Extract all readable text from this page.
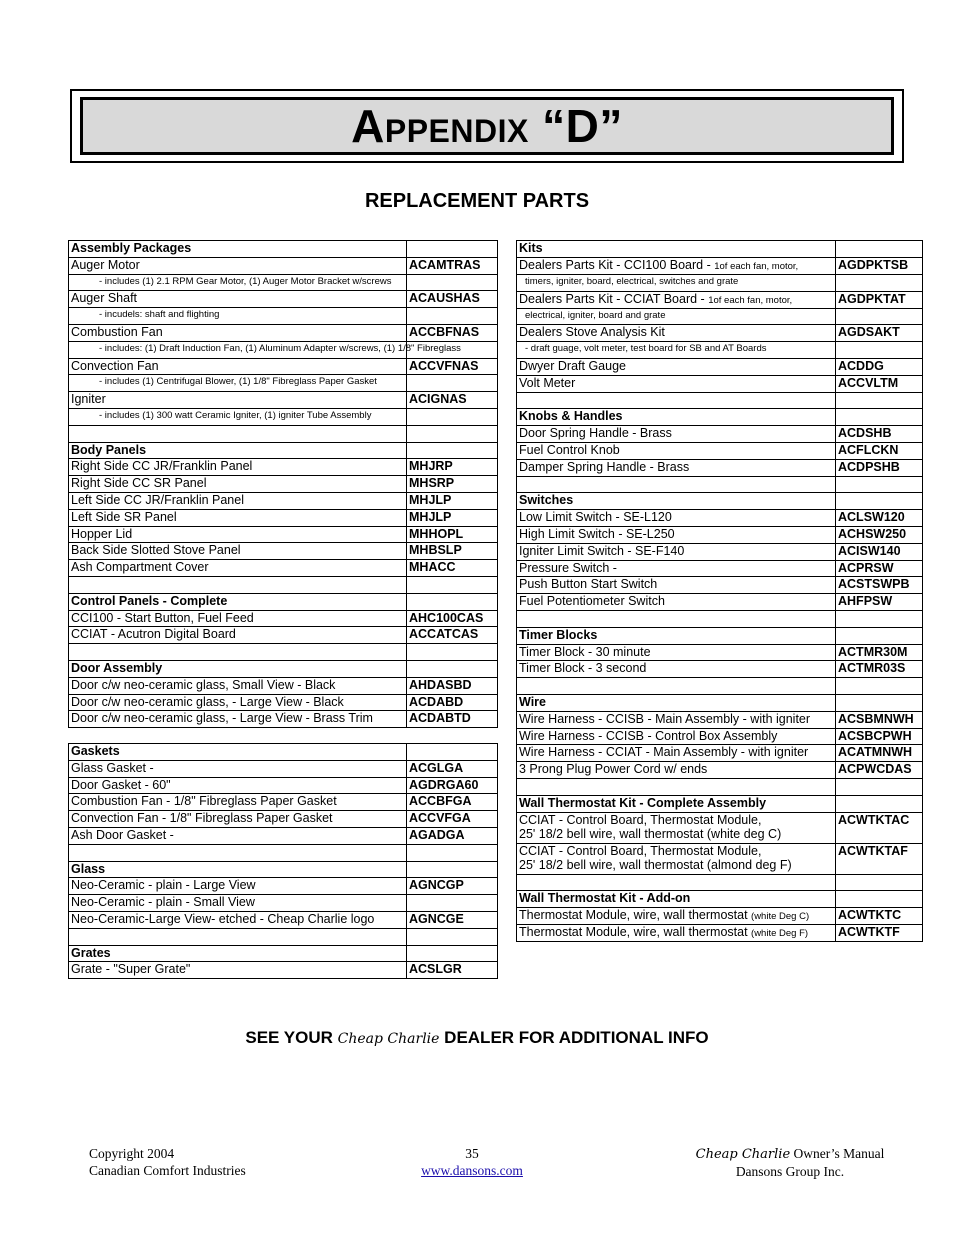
Appendix “D”
REPLACEMENT PARTS
Assembly Packages	
Auger Motor	ACAMTRAS
- includes (1) 2.1 RPM Gear Motor, (1) Auger Motor Bracket w/screws	
Auger Shaft	ACAUSHAS
- incudels: shaft and flighting	
Combustion Fan	ACCBFNAS
- includes: (1) Draft Induction Fan, (1) Aluminum Adapter w/screws, (1) 1/8" Fibreglass	
Convection Fan	ACCVFNAS
- includes (1) Centrifugal Blower, (1) 1/8" Fibreglass Paper Gasket	
Igniter	ACIGNAS
- includes (1) 300 watt Ceramic Igniter, (1) igniter Tube Assembly	

Body Panels	
Right Side CC JR/Franklin Panel	MHJRP
Right Side CC SR Panel	MHSRP
Left Side CC JR/Franklin Panel	MHJLP
Left Side SR Panel	MHJLP
Hopper Lid	MHHOPL
Back Side Slotted Stove Panel	MHBSLP
Ash Compartment Cover	MHACC

Control Panels - Complete	
CCI100 - Start Button, Fuel Feed	AHC100CAS
CCIAT - Acutron Digital Board	ACCATCAS

Door Assembly	
Door c/w neo-ceramic glass, Small View - Black	AHDASBD
Door c/w neo-ceramic glass, - Large View - Black	ACDABD
Door c/w neo-ceramic glass, - Large View - Brass Trim	ACDABTD
Gaskets	
Glass Gasket -	ACGLGA
Door Gasket - 60"	AGDRGA60
Combustion Fan - 1/8" Fibreglass Paper Gasket	ACCBFGA
Convection Fan - 1/8" Fibreglass Paper Gasket	ACCVFGA
Ash Door Gasket -	AGADGA

Glass	
Neo-Ceramic - plain - Large View	AGNCGP
Neo-Ceramic - plain - Small View	
Neo-Ceramic-Large View- etched - Cheap Charlie logo	AGNCGE

Grates	
Grate - "Super Grate"	ACSLGR
Kits	
Dealers Parts Kit - CCI100 Board - 1of each fan, motor,	AGDPKTSB
timers, igniter, board, electrical, switches and grate	
Dealers Parts Kit - CCIAT Board - 1of each fan, motor,	AGDPKTAT
electrical, igniter, board and grate	
Dealers Stove Analysis Kit	AGDSAKT
- draft guage, volt meter, test board for SB and AT Boards	
Dwyer Draft Gauge	ACDDG
Volt Meter	ACCVLTM

Knobs & Handles	
Door Spring Handle - Brass	ACDSHB
Fuel Control Knob	ACFLCKN
Damper Spring Handle - Brass	ACDPSHB

Switches	
Low Limit Switch - SE-L120	ACLSW120
High Limit Switch - SE-L250	ACHSW250
Igniter Limit Switch - SE-F140	ACISW140
Pressure Switch -	ACPRSW
Push Button Start Switch	ACSTSWPB
Fuel Potentiometer Switch	AHFPSW

Timer Blocks	
Timer Block - 30 minute	ACTMR30M
Timer Block - 3 second	ACTMR03S

Wire	
Wire Harness - CCISB - Main Assembly - with igniter	ACSBMNWH
Wire Harness - CCISB - Control Box Assembly	ACSBCPWH
Wire Harness - CCIAT - Main Assembly - with igniter	ACATMNWH
3 Prong Plug Power Cord w/ ends	ACPWCDAS

Wall Thermostat Kit - Complete Assembly	
CCIAT - Control Board, Thermostat Module,
25' 18/2 bell wire, wall thermostat (white deg C)	ACWTKTAC
CCIAT - Control Board, Thermostat Module,
25' 18/2 bell wire, wall thermostat (almond deg F)	ACWTKTAF

Wall Thermostat Kit - Add-on	
Thermostat Module, wire, wall thermostat (white Deg C)	ACWTKTC
Thermostat Module, wire, wall thermostat (white Deg F)	ACWTKTF
SEE YOUR Cheap Charlie DEALER FOR ADDITIONAL INFO
Copyright 2004
Canadian Comfort Industries
35
www.dansons.com
Cheap Charlie Owner’s Manual
Dansons Group Inc.
